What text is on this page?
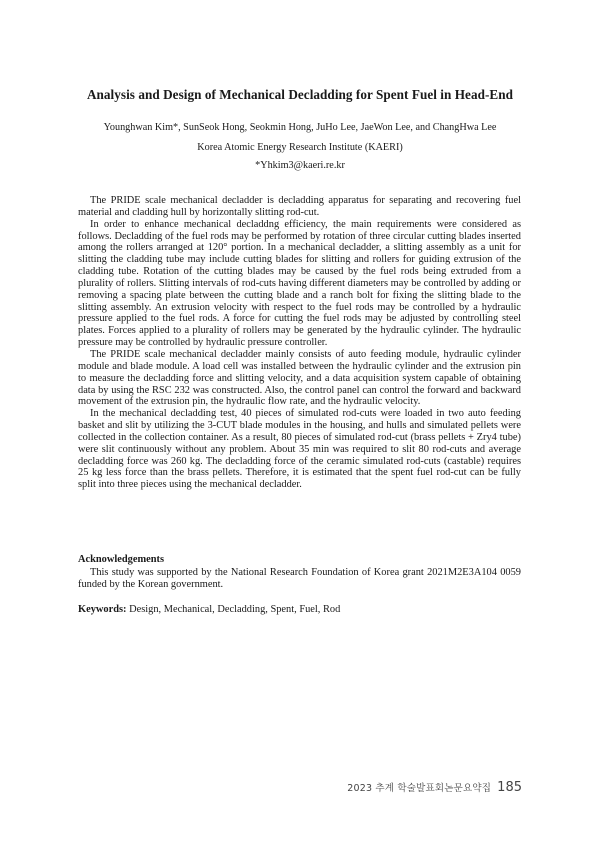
Analysis and Design of Mechanical Decladding for Spent Fuel in Head-End
Younghwan Kim*, SunSeok Hong, Seokmin Hong, JuHo Lee, JaeWon Lee, and ChangHwa Lee
Korea Atomic Energy Research Institute (KAERI)
*Yhkim3@kaeri.re.kr

The PRIDE scale mechanical decladder is decladding apparatus for separating and recovering fuel material and cladding hull by horizontally slitting rod-cut.

In order to enhance mechanical decladdng efficiency, the main requirements were considered as follows. Decladding of the fuel rods may be performed by rotation of three circular cutting blades inserted among the rollers arranged at 120° portion. In a mechanical decladder, a slitting assembly as a unit for slitting the cladding tube may include cutting blades for slitting and rollers for guiding extrusion of the cladding tube. Rotation of the cutting blades may be caused by the fuel rods being extruded from a plurality of rollers. Slitting intervals of rod-cuts having different diameters may be controlled by adding or removing a spacing plate between the cutting blade and a ranch bolt for fixing the slitting blade to the slitting assembly. An extrusion velocity with respect to the fuel rods may be controlled by a hydraulic pressure applied to the fuel rods. A force for cutting the fuel rods may be adjusted by controlling steel plates. Forces applied to a plurality of rollers may be generated by the hydraulic cylinder. The hydraulic pressure may be controlled by hydraulic pressure controller.

The PRIDE scale mechanical decladder mainly consists of auto feeding module, hydraulic cylinder module and blade module. A load cell was installed between the hydraulic cylinder and the extrusion pin to measure the decladding force and slitting velocity, and a data acquisition system capable of obtaining data by using the RSC 232 was constructed. Also, the control panel can control the forward and backward movement of the extrusion pin, the hydraulic flow rate, and the hydraulic velocity.

In the mechanical decladding test, 40 pieces of simulated rod-cuts were loaded in two auto feeding basket and slit by utilizing the 3-CUT blade modules in the housing, and hulls and simulated pellets were collected in the collection container. As a result, 80 pieces of simulated rod-cut (brass pellets + Zry4 tube) were slit continuously without any problem. About 35 min was required to slit 80 rod-cuts and average decladding force was 260 kg. The decladding force of the ceramic simulated rod-cuts (castable) requires 25 kg less force than the brass pellets. Therefore, it is estimated that the spent fuel rod-cut can be fully split into three pieces using the mechanical decladder.

Acknowledgements

This study was supported by the National Research Foundation of Korea grant 2021M2E3A104 0059 funded by the Korean government.

Keywords: Design, Mechanical, Decladding, Spent, Fuel, Rod
2023 추계 학술발표회논문요약집 185
